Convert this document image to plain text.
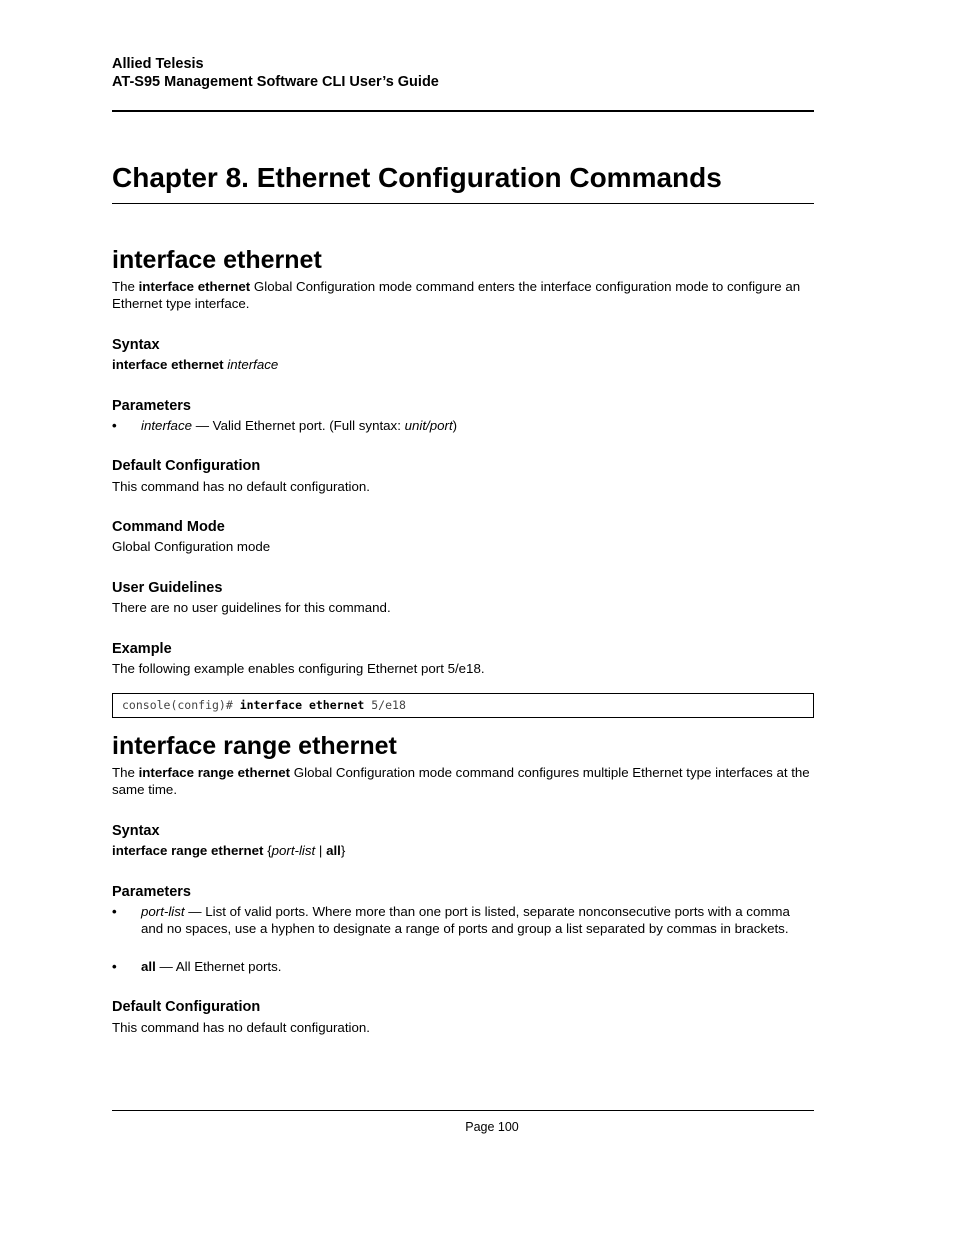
Allied Telesis
AT-S95 Management Software CLI User’s Guide
Chapter 8. Ethernet Configuration Commands
interface ethernet
The interface ethernet Global Configuration mode command enters the interface configuration mode to configure an Ethernet type interface.
Syntax
interface ethernet interface
Parameters
• interface — Valid Ethernet port. (Full syntax: unit/port)
Default Configuration
This command has no default configuration.
Command Mode
Global Configuration mode
User Guidelines
There are no user guidelines for this command.
Example
The following example enables configuring Ethernet port 5/e18.
console(config)# interface ethernet 5/e18
interface range ethernet
The interface range ethernet Global Configuration mode command configures multiple Ethernet type interfaces at the same time.
Syntax
interface range ethernet {port-list | all}
Parameters
• port-list — List of valid ports. Where more than one port is listed, separate nonconsecutive ports with a comma and no spaces, use a hyphen to designate a range of ports and group a list separated by commas in brackets.
• all — All Ethernet ports.
Default Configuration
This command has no default configuration.
Page 100
